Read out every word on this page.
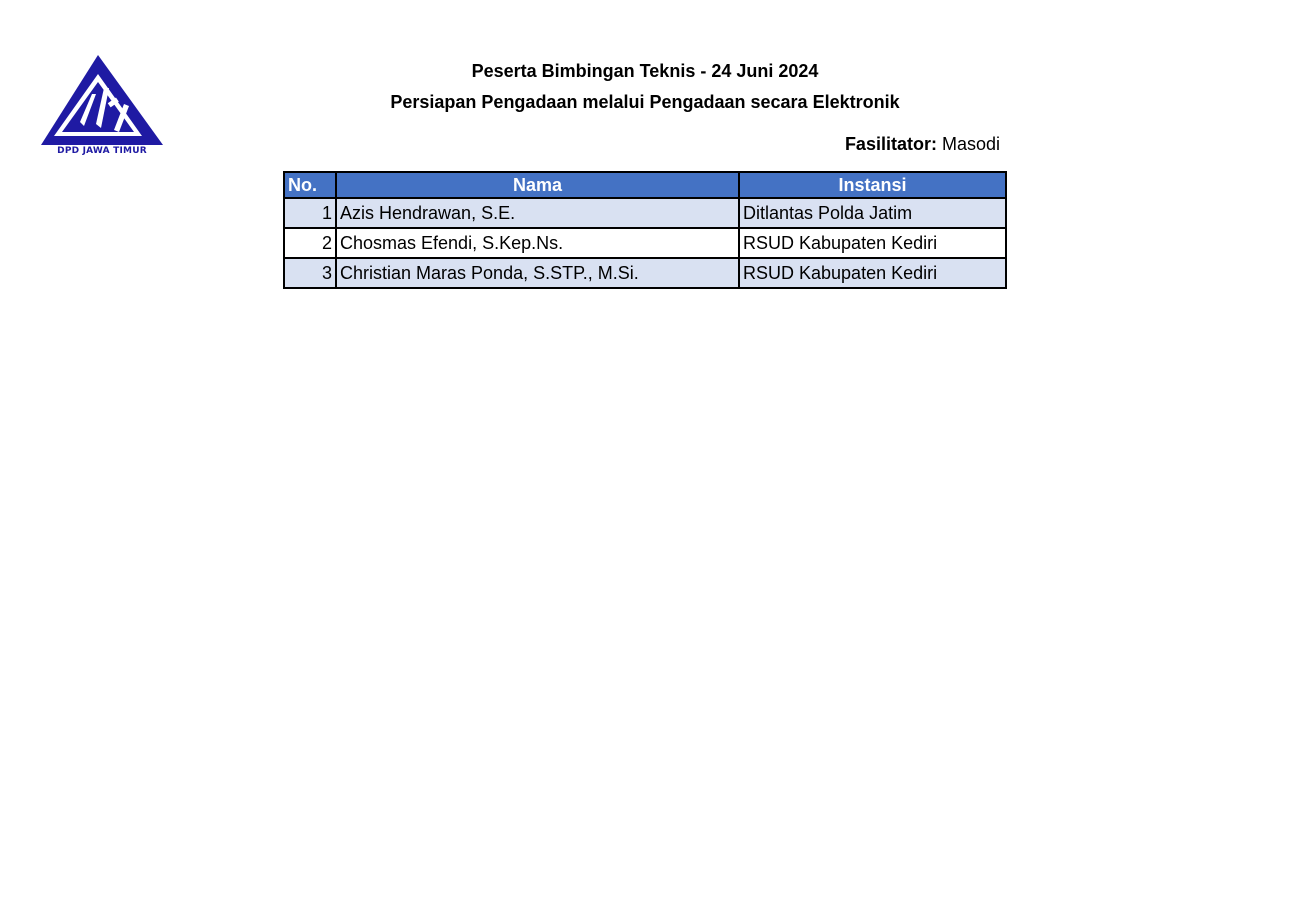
DPD JAWA TIMUR
Peserta Bimbingan Teknis - 24 Juni 2024
Persiapan Pengadaan melalui Pengadaan secara Elektronik
Fasilitator: Masodi
No.	Nama	Instansi
1	Azis Hendrawan, S.E.	Ditlantas Polda Jatim
2	Chosmas Efendi, S.Kep.Ns.	RSUD Kabupaten Kediri
3	Christian Maras Ponda, S.STP., M.Si.	RSUD Kabupaten Kediri
